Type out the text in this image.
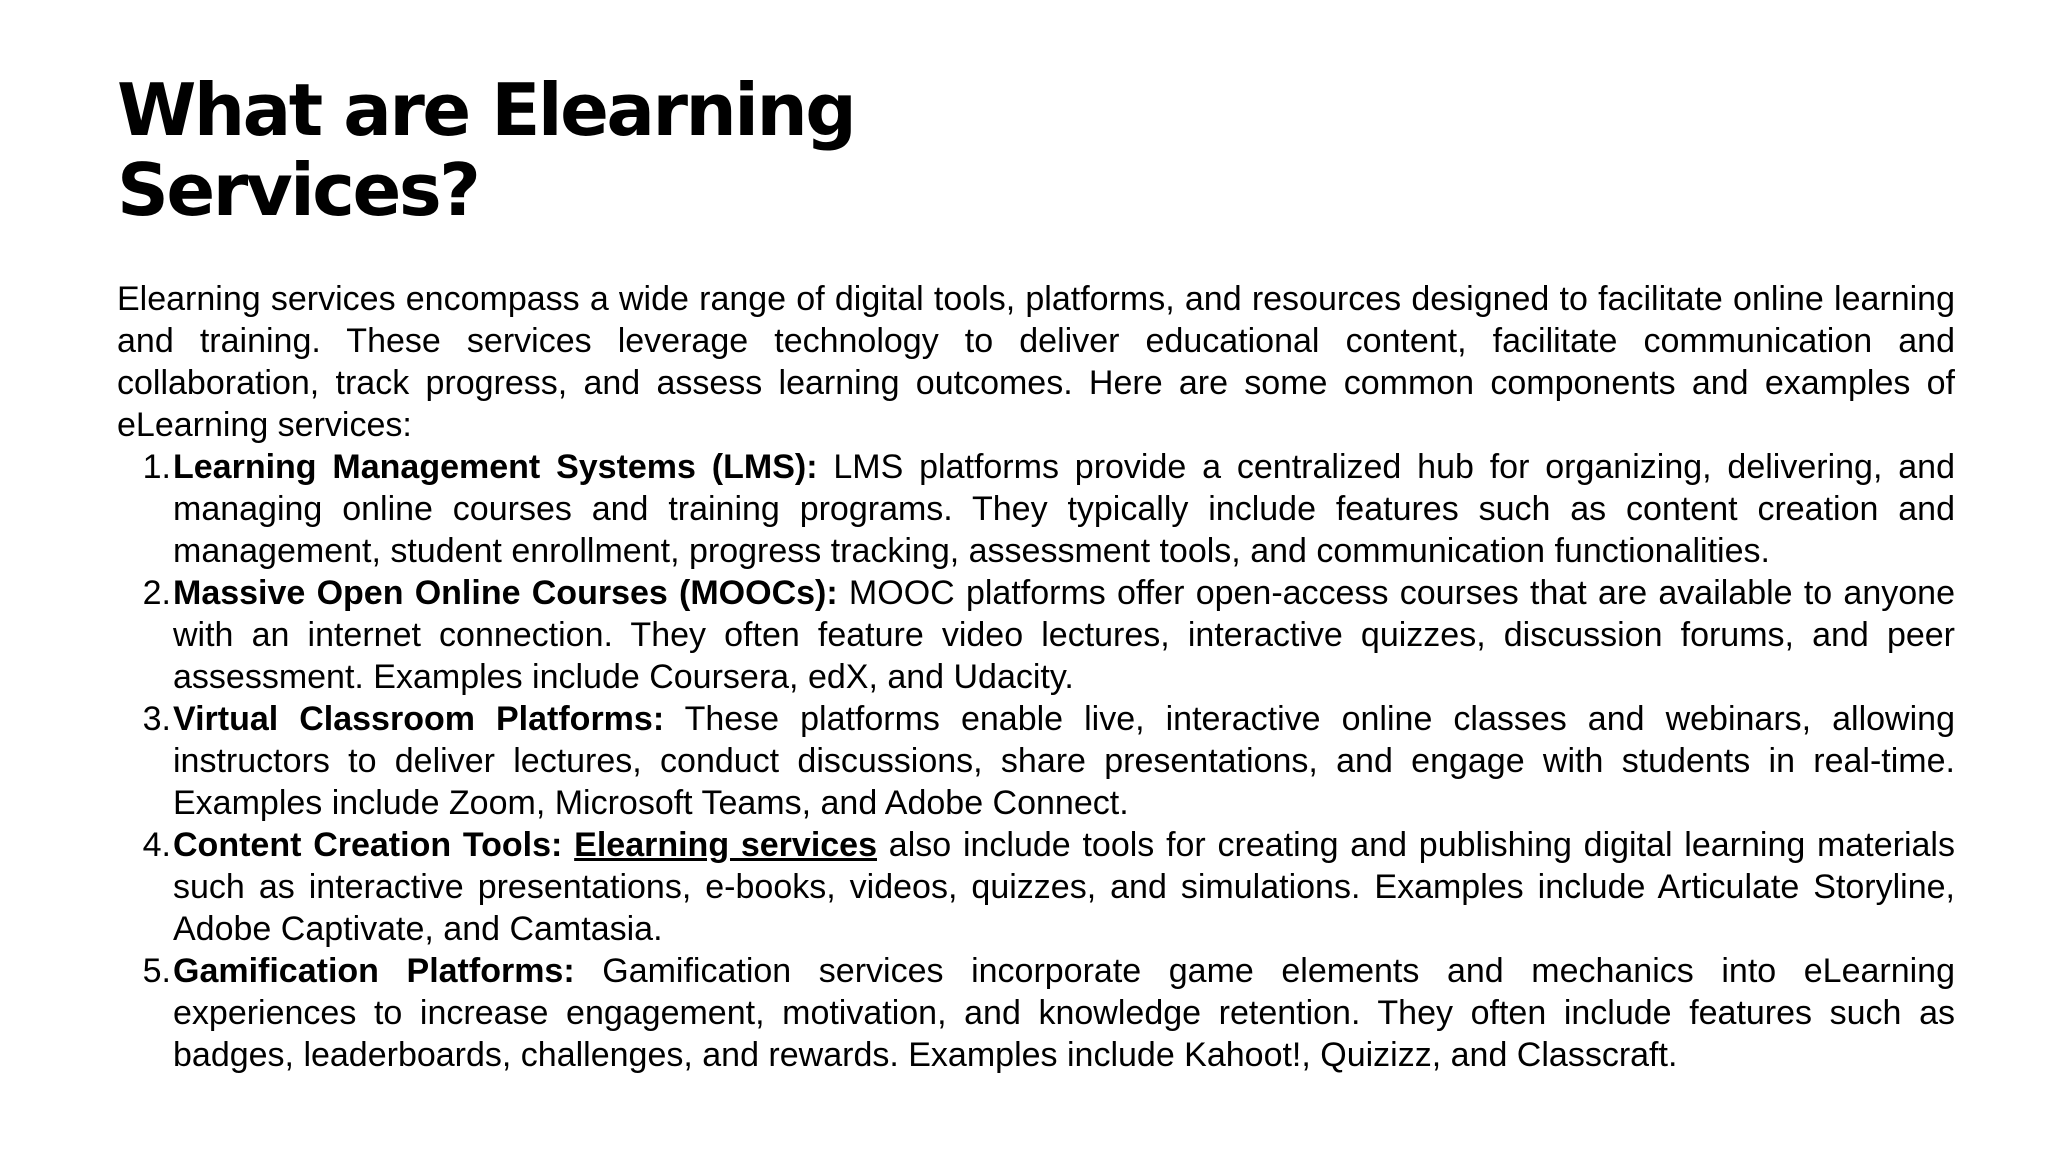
What are Elearning Services?

Elearning services encompass a wide range of digital tools, platforms, and resources designed to facilitate online learning and training. These services leverage technology to deliver educational content, facilitate communication and collaboration, track progress, and assess learning outcomes. Here are some common components and examples of eLearning services:

1. Learning Management Systems (LMS): LMS platforms provide a centralized hub for organizing, delivering, and managing online courses and training programs. They typically include features such as content creation and management, student enrollment, progress tracking, assessment tools, and communication functionalities.
2. Massive Open Online Courses (MOOCs): MOOC platforms offer open-access courses that are available to anyone with an internet connection. They often feature video lectures, interactive quizzes, discussion forums, and peer assessment. Examples include Coursera, edX, and Udacity.
3. Virtual Classroom Platforms: These platforms enable live, interactive online classes and webinars, allowing instructors to deliver lectures, conduct discussions, share presentations, and engage with students in real-time. Examples include Zoom, Microsoft Teams, and Adobe Connect.
4. Content Creation Tools: Elearning services also include tools for creating and publishing digital learning materials such as interactive presentations, e-books, videos, quizzes, and simulations. Examples include Articulate Storyline, Adobe Captivate, and Camtasia.
5. Gamification Platforms: Gamification services incorporate game elements and mechanics into eLearning experiences to increase engagement, motivation, and knowledge retention. They often include features such as badges, leaderboards, challenges, and rewards. Examples include Kahoot!, Quizizz, and Classcraft.
